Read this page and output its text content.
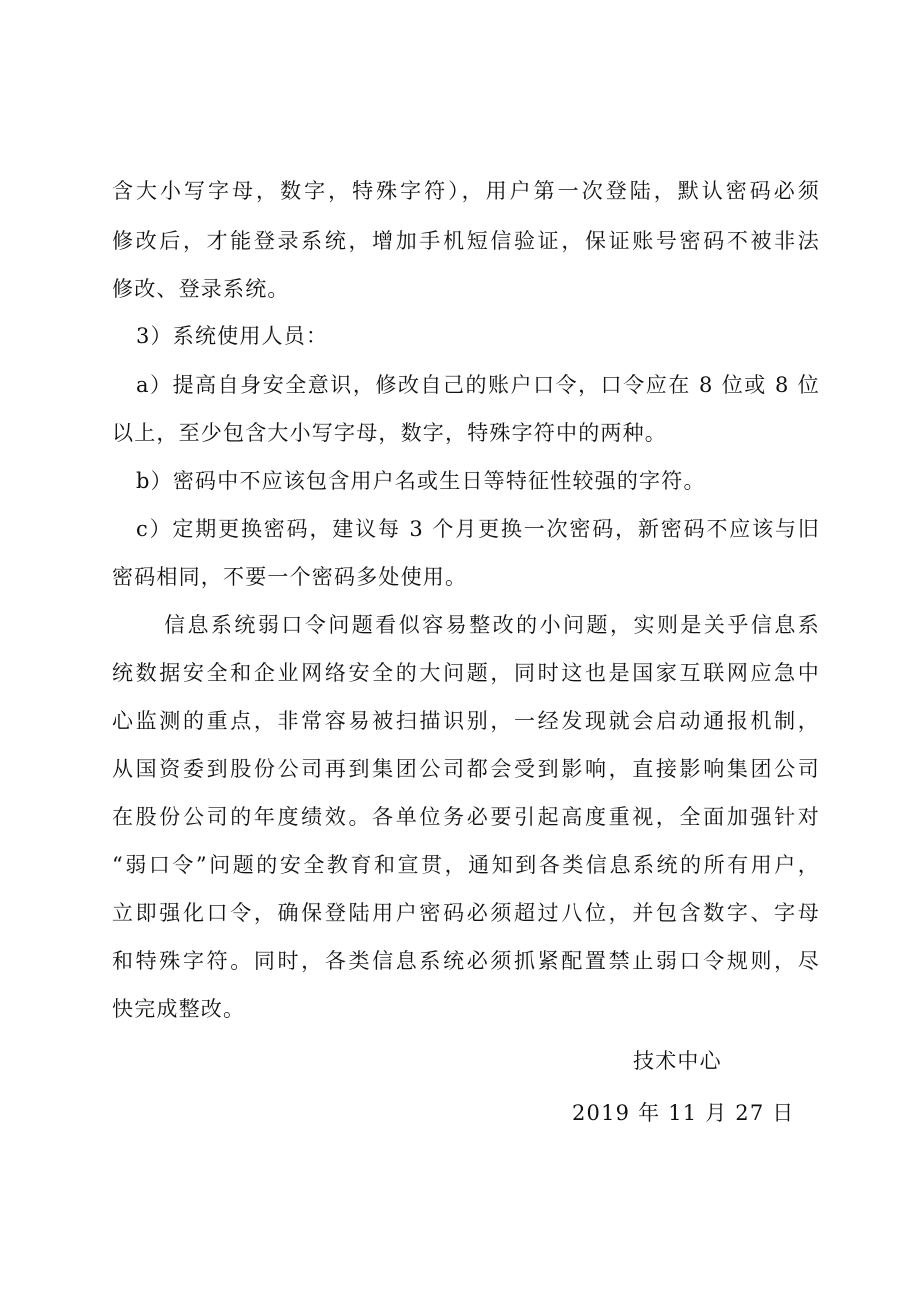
含大小写字母，数字，特殊字符），用户第一次登陆，默认密码必须
修改后，才能登录系统，增加手机短信验证，保证账号密码不被非法
修改、登录系统。
3）系统使用人员：
a）提高自身安全意识，修改自己的账户口令，口令应在 8 位或 8 位
以上，至少包含大小写字母，数字，特殊字符中的两种。
b）密码中不应该包含用户名或生日等特征性较强的字符。
c）定期更换密码，建议每 3 个月更换一次密码，新密码不应该与旧
密码相同，不要一个密码多处使用。
信息系统弱口令问题看似容易整改的小问题，实则是关乎信息系
统数据安全和企业网络安全的大问题，同时这也是国家互联网应急中
心监测的重点，非常容易被扫描识别，一经发现就会启动通报机制，
从国资委到股份公司再到集团公司都会受到影响，直接影响集团公司
在股份公司的年度绩效。各单位务必要引起高度重视，全面加强针对
“弱口令”问题的安全教育和宣贯，通知到各类信息系统的所有用户，
立即强化口令，确保登陆用户密码必须超过八位，并包含数字、字母
和特殊字符。同时，各类信息系统必须抓紧配置禁止弱口令规则，尽
快完成整改。
技术中心
2019 年 11 月 27 日
